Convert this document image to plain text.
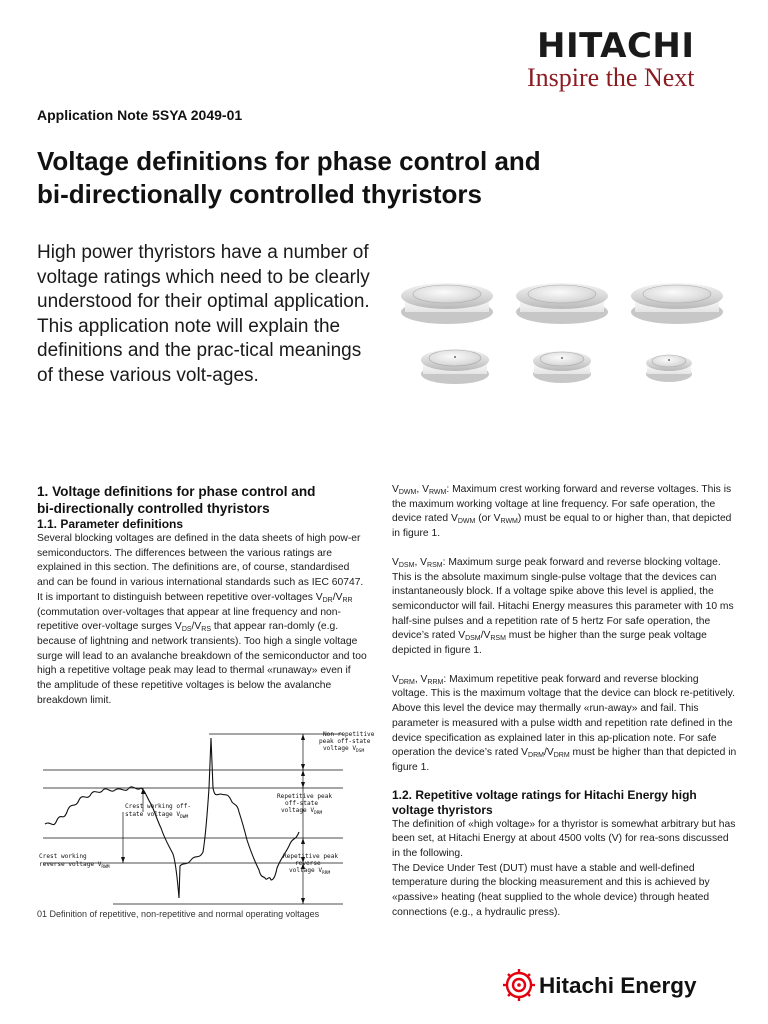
HITACHI
Inspire the Next
Application Note 5SYA 2049-01
Voltage definitions for phase control and
bi-directionally controlled thyristors
High power thyristors have a number of voltage ratings which need to be clearly understood for their optimal application. This application note will explain the definitions and the prac-tical meanings of these various volt-ages.
1. Voltage definitions for phase control and
bi-directionally controlled thyristors
1.1. Parameter definitions
Several blocking voltages are defined in the data sheets of high pow-er semiconductors. The differences between the various ratings are explained in this section. The definitions are, of course, standardised and can be found in various international standards such as IEC 60747.
It is important to distinguish between repetitive over-voltages $V_{DR}/V_{RR}$ (commutation over-voltages that appear at line frequency and non-repetitive over-voltage surges $V_{DS}/V_{RS}$ that appear ran-domly (e.g. because of lightning and network transients). Too high a single voltage surge will lead to an avalanche breakdown of the semiconductor and too high a repetitive voltage peak may lead to thermal «runaway» even if the amplitude of these repetitive voltages is below the avalanche breakdown limit.
Non-repetitive
peak off-state
voltage $V_{DSM}$
Repetitive peak
off-state
voltage $V_{DRM}$
Crest working off-
state voltage $V_{DWM}$
Crest working
reverse voltage $V_{RWM}$
Repetitive peak
reverse
voltage $V_{RRM}$
01 Definition of repetitive, non-repetitive and normal operating voltages
$V_{DWM}$, $V_{RWM}$: Maximum crest working forward and reverse voltages. This is the maximum working voltage at line frequency. For safe operation, the device rated $V_{DWM}$ (or $V_{RWM}$) must be equal to or higher than, that depicted in figure 1.
$V_{DSM}$, $V_{RSM}$: Maximum surge peak forward and reverse blocking voltage. This is the absolute maximum single-pulse voltage that the devices can instantaneously block. If a voltage spike above this level is applied, the semiconductor will fail. Hitachi Energy measures this parameter with 10 ms half-sine pulses and a repetition rate of 5 hertz For safe operation, the device’s rated $V_{DSM}/V_{RSM}$ must be higher than the surge peak voltage depicted in figure 1.
$V_{DRM}$, $V_{RRM}$: Maximum repetitive peak forward and reverse blocking voltage. This is the maximum voltage that the device can block re-petitively. Above this level the device may thermally «run-away» and fail. This parameter is measured with a pulse width and repetition rate defined in the device specification as explained later in this ap-plication note. For safe operation the device’s rated $V_{DRM}/V_{DRM}$ must be higher than that depicted in figure 1.
1.2. Repetitive voltage ratings for Hitachi Energy high
voltage thyristors
The definition of «high voltage» for a thyristor is somewhat arbitrary but has been set, at Hitachi Energy at about 4500 volts (V) for rea-sons discussed in the following.
The Device Under Test (DUT) must have a stable and well-defined temperature during the blocking measurement and this is achieved by «passive» heating (heat supplied to the whole device) through heated connections (e.g., a hydraulic press).
Hitachi Energy
